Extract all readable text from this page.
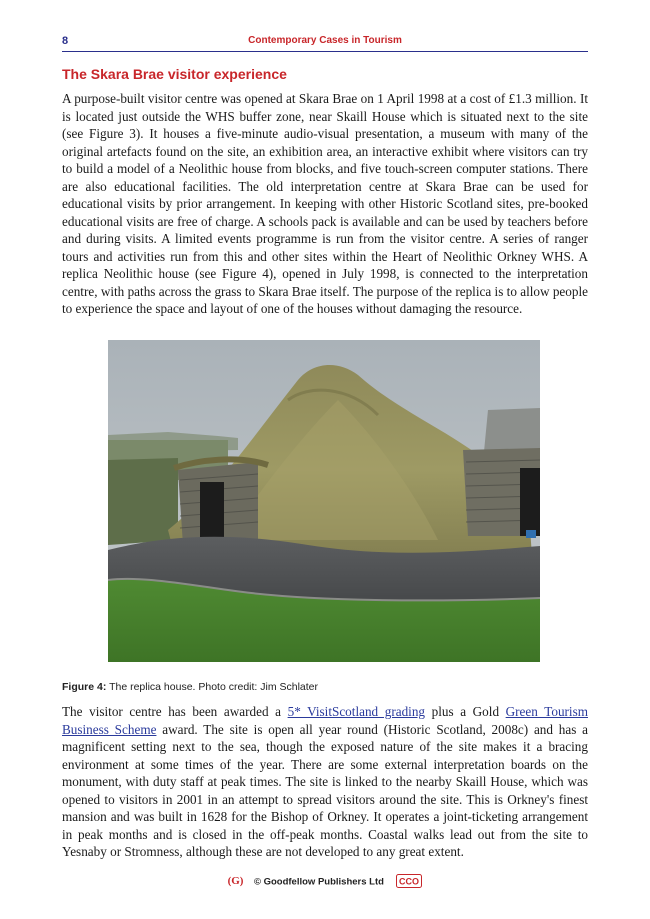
8	Contemporary Cases in Tourism
The Skara Brae visitor experience

A purpose-built visitor centre was opened at Skara Brae on 1 April 1998 at a cost of £1.3 million. It is located just outside the WHS buffer zone, near Skaill House which is situated next to the site (see Figure 3). It houses a five-minute audio-visual presentation, a museum with many of the original artefacts found on the site, an exhibition area, an interactive exhibit where visitors can try to build a model of a Neolithic house from blocks, and five touch-screen computer stations. There are also educational facilities. The old interpretation centre at Skara Brae can be used for educational visits by prior arrangement. In keeping with other Historic Scotland sites, pre-booked educational visits are free of charge. A schools pack is available and can be used by teachers before and during visits. A limited events programme is run from the visitor centre. A series of ranger tours and activities run from this and other sites within the Heart of Neolithic Orkney WHS. A replica Neolithic house (see Figure 4), opened in July 1998, is connected to the interpretation centre, with paths across the grass to Skara Brae itself. The purpose of the replica is to allow people to experience the space and layout of one of the houses without damaging the resource.

Figure 4: The replica house. Photo credit: Jim Schlater

The visitor centre has been awarded a 5* VisitScotland grading plus a Gold Green Tourism Business Scheme award. The site is open all year round (Historic Scotland, 2008c) and has a magnificent setting next to the sea, though the exposed nature of the site makes it a bracing environment at some times of the year. There are some external interpretation boards on the monument, with duty staff at peak times. The site is linked to the nearby Skaill House, which was opened to visitors in 2001 in an attempt to spread visitors around the site. This is Orkney's finest mansion and was built in 1628 for the Bishop of Orkney. It operates a joint-ticketing arrangement in peak months and is closed in the off-peak months. Coastal walks lead out from the site to Yesnaby or Stromness, although these are not developed to any great extent.

(G) © Goodfellow Publishers Ltd CCO
